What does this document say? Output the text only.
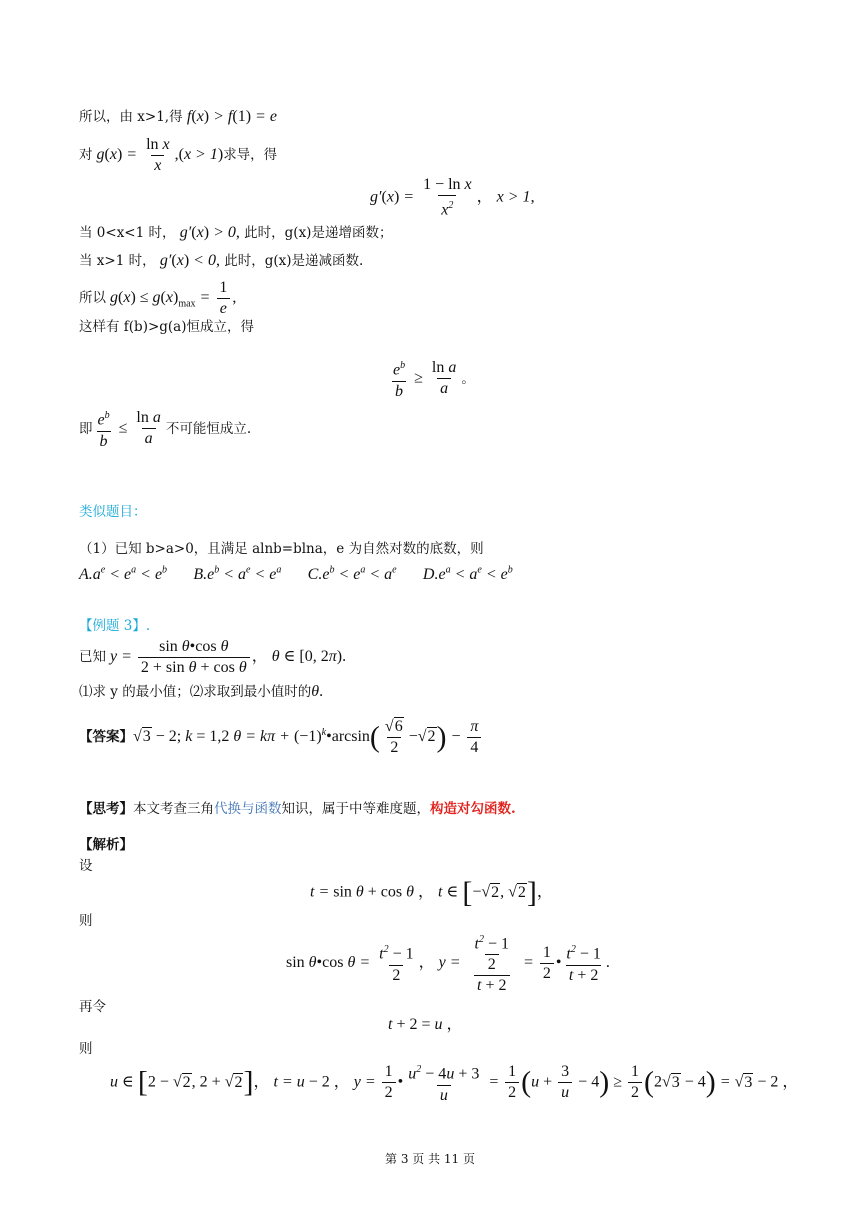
所以，由 x>1,得 f(x) > f(1) = e
对 $g(x) = \frac{\text{ln x}}{x} ,(x > 1)$ 求导，得
$g'(x) = \frac{\text{1 − ln x}}{x^2}$ ， x > 1,
当 0<x<1 时， g′(x) > 0, 此时，g(x)是递增函数；
当 x>1 时， g′(x) < 0, 此时，g(x)是递减函数.
所以 $g(x) \le g(x)_{max} = \frac{1}{e}$ ,
这样有 f(b)>g(a)恒成立，得
$\frac{e^b}{b} \ge \frac{\text{ln a}}{a}$ 。
即 $\frac{e^b}{b} \le \frac{\text{ln a}}{a}$ 不可能恒成立.
类似题目：
（1）已知 b>a>0，且满足 alnb=blna，e 为自然对数的底数，则
$A.a^e < e^a < e^b$ $B.e^b < a^e < e^a$ $C.e^b < e^a < a^e$ $D.e^a < a^e < e^b$
【例题 3】.
已知 $y = \frac{\text{sin θ•cos θ}}{\text{2 + sin θ + cos θ}}$ ， θ ∈ [0, 2π).
⑴求 y 的最小值；⑵求取到最小值时的θ.
【答案】 √3 − 2; k = 1,2 $\theta = k\pi + (-1)^k•\arcsin( \frac{√6}{2} -√2) - \frac{\pi}{4}$
【思考】本文考查三角代换与函数知识，属于中等难度题，构造对勾函数.
【解析】
设
t = sin θ + cos θ ， t ∈ [−√2, √2]，
则
sin θ•cos $\theta = \frac{t^2 - 1}{2}$ ， $y = \frac{\frac{t^2 - 1}{2}}{t + 2} = \frac{1}{2}$ • $\frac{t^2 - 1}{t + 2}$ .
再令
t + 2 = u ，
则
u ∈ [2 − √2, 2 + √2]， t = u − 2 ， $y = \frac{1}{2}$ • $\frac{u^2 - 4u + 3}{u} = \frac{1}{2} (u + \frac{3}{u} - 4) \ge \frac{1}{2} (2√3 - 4) = √3 - 2$ ，
第 3 页 共 11 页
